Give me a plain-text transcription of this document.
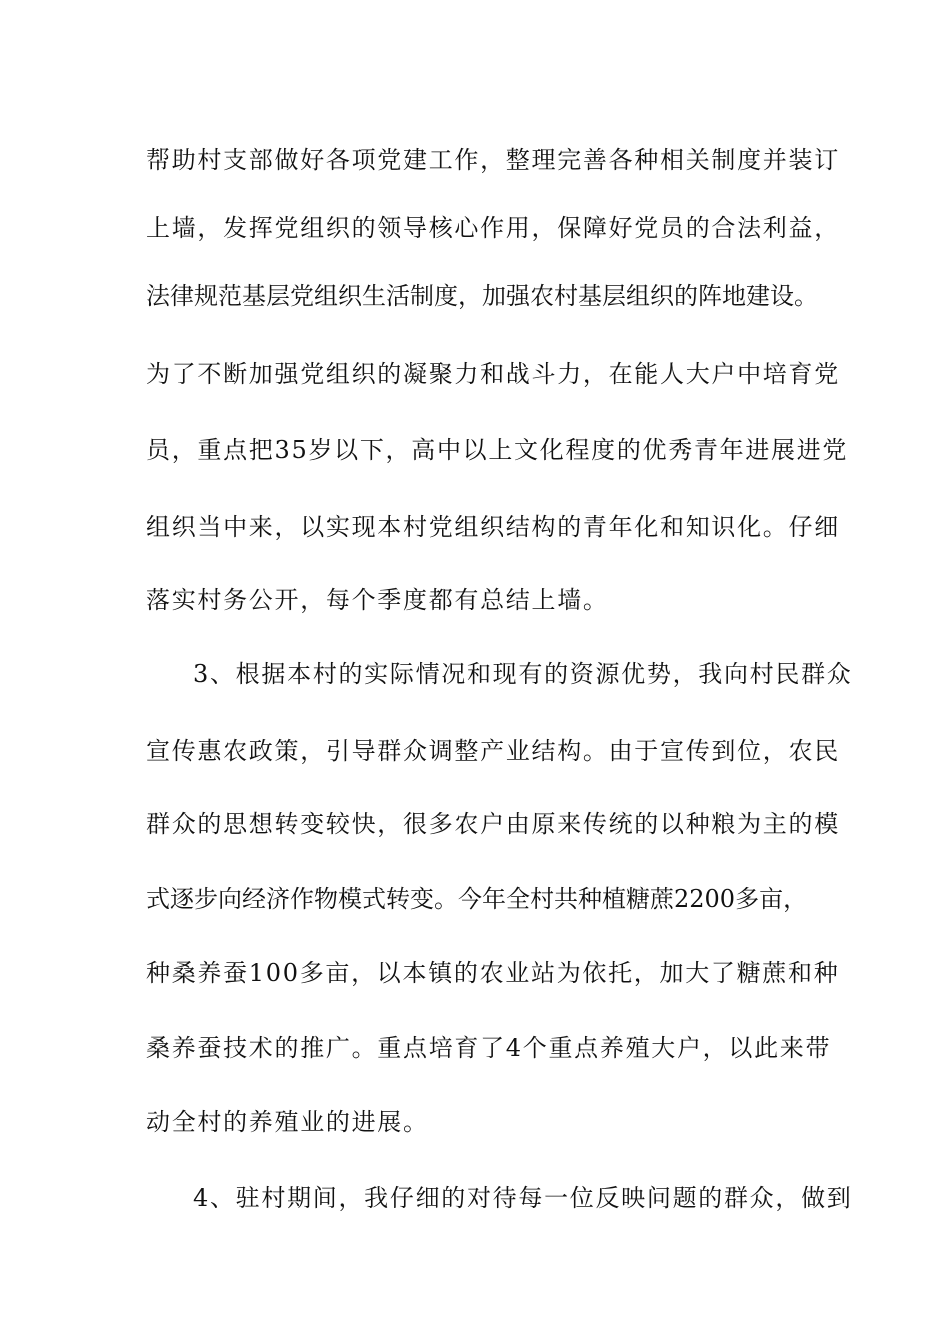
帮助村支部做好各项党建工作，整理完善各种相关制度并装订
上墙，发挥党组织的领导核心作用，保障好党员的合法利益，
法律规范基层党组织生活制度，加强农村基层组织的阵地建设。
为了不断加强党组织的凝聚力和战斗力，在能人大户中培育党
员，重点把35岁以下，高中以上文化程度的优秀青年进展进党
组织当中来，以实现本村党组织结构的青年化和知识化。仔细
落实村务公开，每个季度都有总结上墙。
3、根据本村的实际情况和现有的资源优势，我向村民群众
宣传惠农政策，引导群众调整产业结构。由于宣传到位，农民
群众的思想转变较快，很多农户由原来传统的以种粮为主的模
式逐步向经济作物模式转变。今年全村共种植糖蔗2200多亩，
种桑养蚕100多亩，以本镇的农业站为依托，加大了糖蔗和种
桑养蚕技术的推广。重点培育了4个重点养殖大户，以此来带
动全村的养殖业的进展。
4、驻村期间，我仔细的对待每一位反映问题的群众，做到
